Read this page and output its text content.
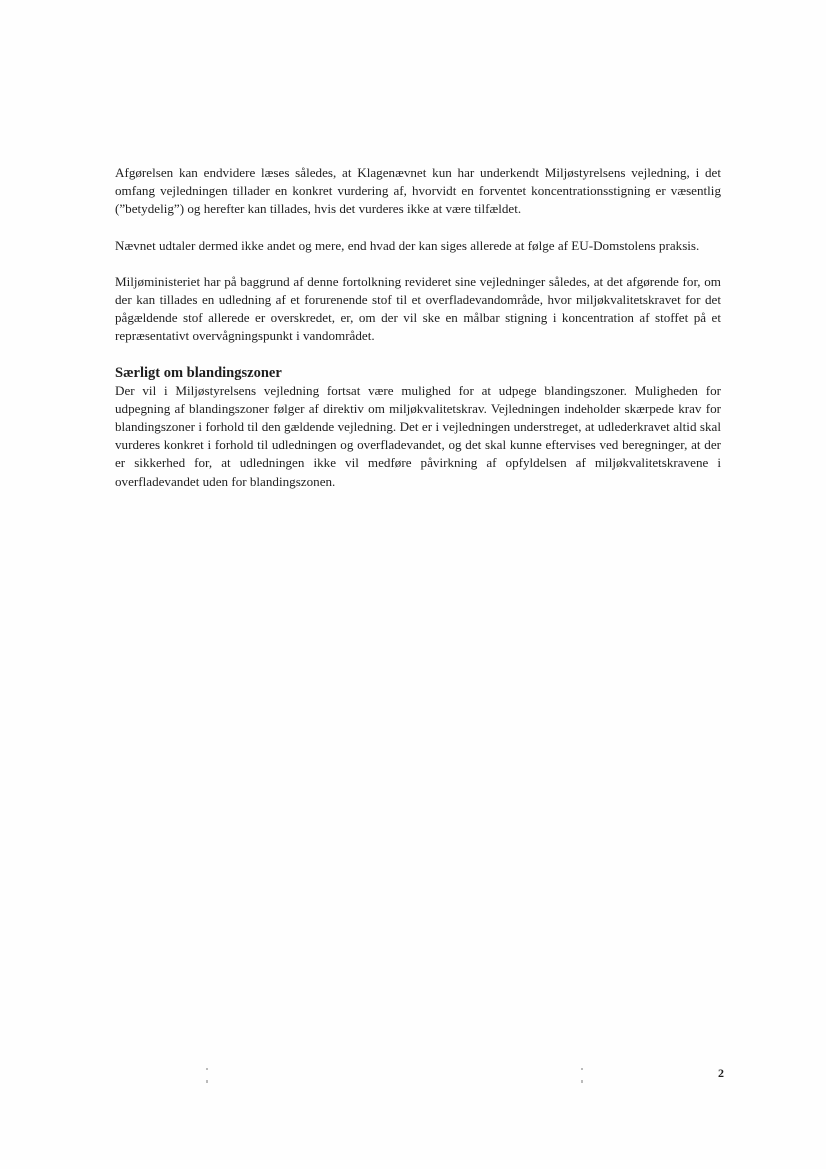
Afgørelsen kan endvidere læses således, at Klagenævnet kun har underkendt Miljøstyrelsens vejledning, i det omfang vejledningen tillader en konkret vurdering af, hvorvidt en forventet koncentrationsstigning er væsentlig (”betydelig”) og herefter kan tillades, hvis det vurderes ikke at være tilfældet.

Nævnet udtaler dermed ikke andet og mere, end hvad der kan siges allerede at følge af EU-Domstolens praksis.

Miljøministeriet har på baggrund af denne fortolkning revideret sine vejledninger således, at det afgørende for, om der kan tillades en udledning af et forurenende stof til et overfladevandområde, hvor miljøkvalitetskravet for det pågældende stof allerede er overskredet, er, om der vil ske en målbar stigning i koncentration af stoffet på et repræsentativt overvågningspunkt i vandområdet.

Særligt om blandingszoner

Der vil i Miljøstyrelsens vejledning fortsat være mulighed for at udpege blandingszoner. Muligheden for udpegning af blandingszoner følger af direktiv om miljøkvalitetskrav. Vejledningen indeholder skærpede krav for blandingszoner i forhold til den gældende vejledning. Det er i vejledningen understreget, at udlederkravet altid skal vurderes konkret i forhold til udledningen og overfladevandet, og det skal kunne eftervises ved beregninger, at der er sikkerhed for, at udledningen ikke vil medføre påvirkning af opfyldelsen af miljøkvalitetskravene i overfladevandet uden for blandingszonen.

2
